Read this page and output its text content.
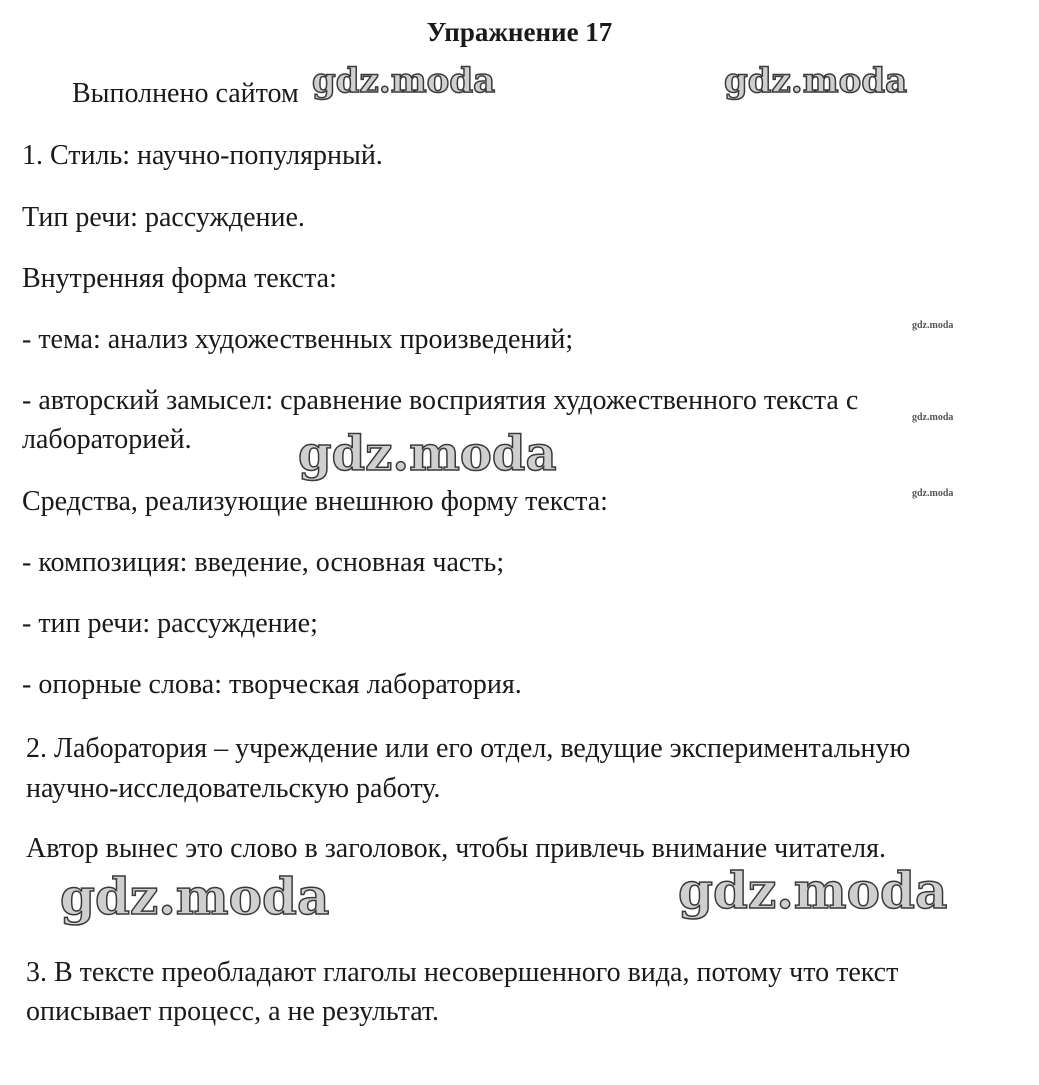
Упражнение 17
Выполнено сайтом
1. Стиль: научно-популярный.
Тип речи: рассуждение.
Внутренняя форма текста:
- тема: анализ художественных произведений;
- авторский замысел: сравнение восприятия художественного текста с
лабораторией.
Средства, реализующие внешнюю форму текста:
- композиция: введение, основная часть;
- тип речи: рассуждение;
- опорные слова: творческая лаборатория.
2. Лаборатория – учреждение или его отдел, ведущие экспериментальную
научно-исследовательскую работу.
Автор вынес это слово в заголовок, чтобы привлечь внимание читателя.
3. В тексте преобладают глаголы несовершенного вида, потому что текст
описывает процесс, а не результат.
gdz.moda	gdz.moda
gdz.moda
gdz.moda	gdz.moda
gdz.moda
gdz.moda
gdz.moda
